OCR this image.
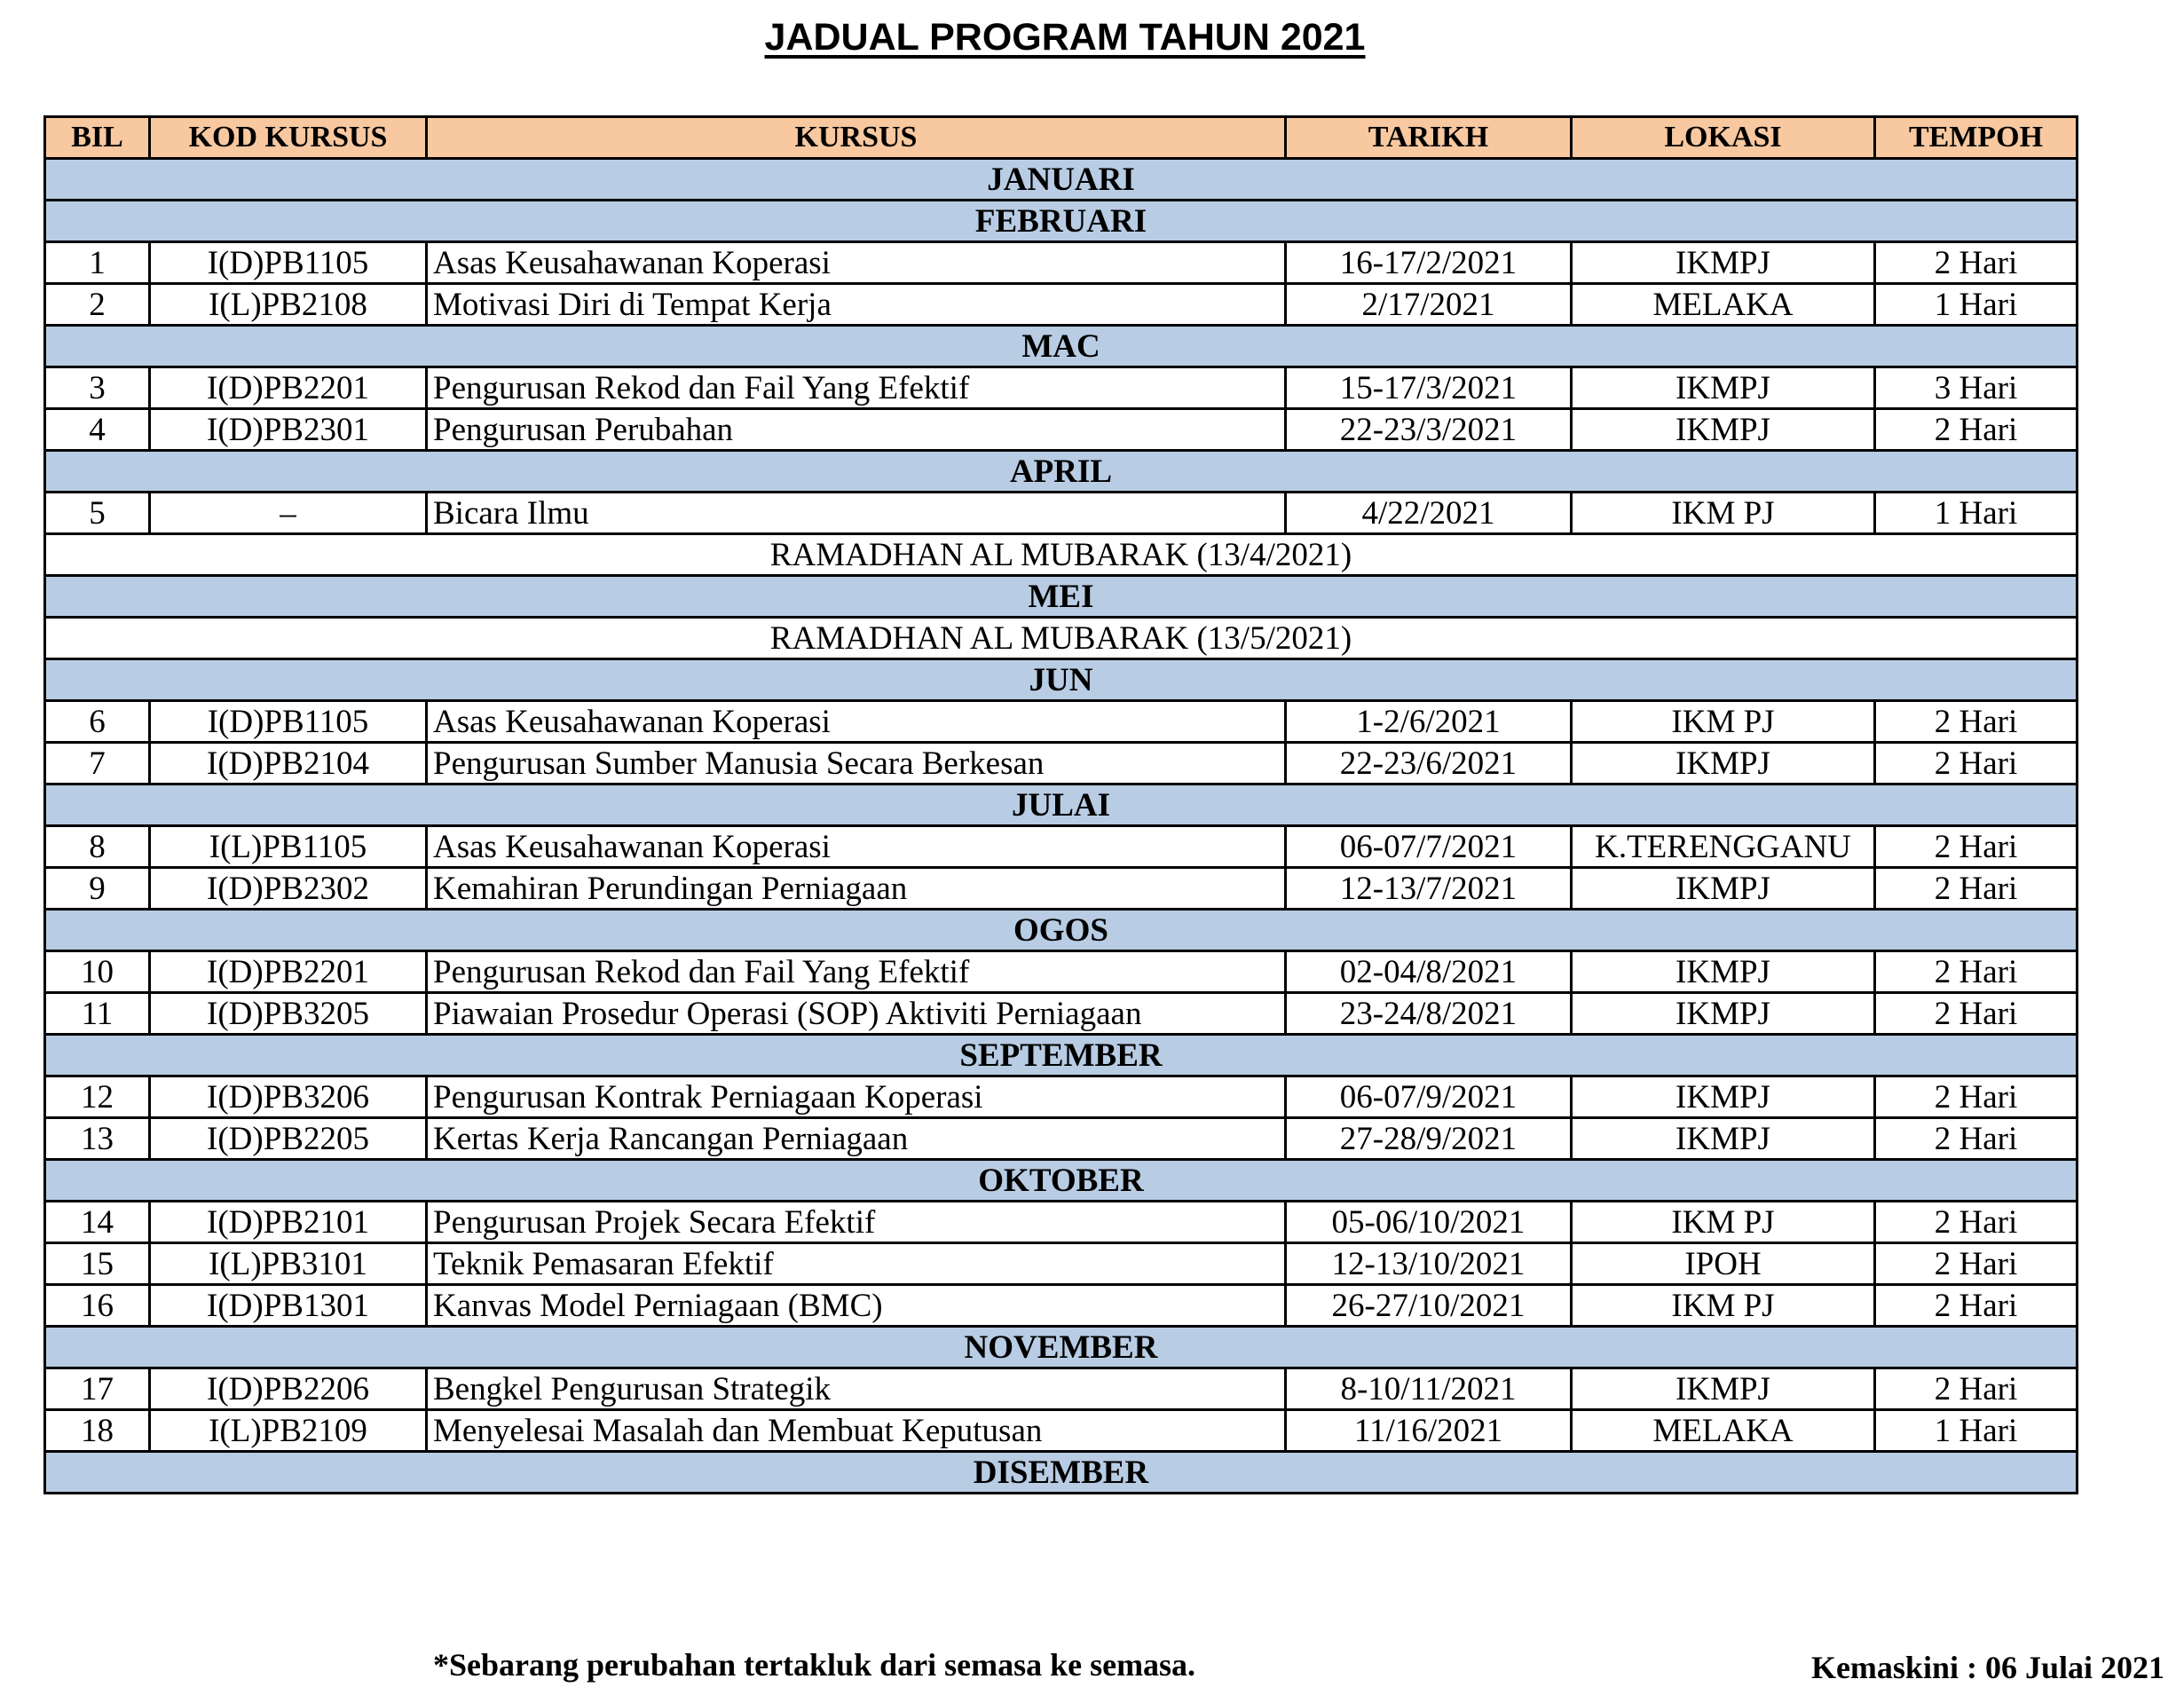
JADUAL PROGRAM TAHUN 2021
BIL	KOD KURSUS	KURSUS	TARIKH	LOKASI	TEMPOH
JANUARI					
FEBRUARI					
1	I(D)PB1105	Asas Keusahawanan Koperasi	16-17/2/2021	IKMPJ	2 Hari
2	I(L)PB2108	Motivasi Diri di Tempat Kerja	2/17/2021	MELAKA	1 Hari
MAC					
3	I(D)PB2201	Pengurusan Rekod dan Fail Yang Efektif	15-17/3/2021	IKMPJ	3 Hari
4	I(D)PB2301	Pengurusan Perubahan	22-23/3/2021	IKMPJ	2 Hari
APRIL					
5	–	Bicara Ilmu	4/22/2021	IKM PJ	1 Hari
RAMADHAN AL MUBARAK (13/4/2021)					
MEI					
RAMADHAN AL MUBARAK (13/5/2021)					
JUN					
6	I(D)PB1105	Asas Keusahawanan Koperasi	1-2/6/2021	IKM PJ	2 Hari
7	I(D)PB2104	Pengurusan Sumber Manusia Secara Berkesan	22-23/6/2021	IKMPJ	2 Hari
JULAI					
8	I(L)PB1105	Asas Keusahawanan Koperasi	06-07/7/2021	K.TERENGGANU	2 Hari
9	I(D)PB2302	Kemahiran Perundingan Perniagaan	12-13/7/2021	IKMPJ	2 Hari
OGOS					
10	I(D)PB2201	Pengurusan Rekod dan Fail Yang Efektif	02-04/8/2021	IKMPJ	2 Hari
11	I(D)PB3205	Piawaian Prosedur Operasi (SOP) Aktiviti Perniagaan	23-24/8/2021	IKMPJ	2 Hari
SEPTEMBER					
12	I(D)PB3206	Pengurusan Kontrak Perniagaan Koperasi	06-07/9/2021	IKMPJ	2 Hari
13	I(D)PB2205	Kertas Kerja Rancangan Perniagaan	27-28/9/2021	IKMPJ	2 Hari
OKTOBER					
14	I(D)PB2101	Pengurusan Projek Secara Efektif	05-06/10/2021	IKM PJ	2 Hari
15	I(L)PB3101	Teknik Pemasaran Efektif	12-13/10/2021	IPOH	2 Hari
16	I(D)PB1301	Kanvas Model Perniagaan (BMC)	26-27/10/2021	IKM PJ	2 Hari
NOVEMBER					
17	I(D)PB2206	Bengkel Pengurusan Strategik	8-10/11/2021	IKMPJ	2 Hari
18	I(L)PB2109	Menyelesai Masalah dan Membuat Keputusan	11/16/2021	MELAKA	1 Hari
DISEMBER					
*Sebarang perubahan tertakluk dari semasa ke semasa.	Kemaskini : 06 Julai 2021
